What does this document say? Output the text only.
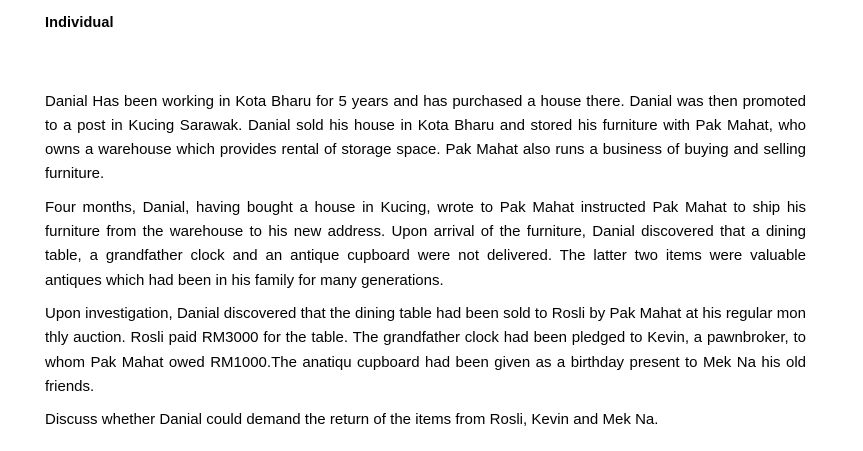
Individual

Danial Has been working in Kota Bharu for 5 years and has purchased a house there. Danial was then promoted to a post in Kucing Sarawak. Danial sold his house in Kota Bharu and stored his furniture with Pak Mahat, who owns a warehouse which provides rental of storage space. Pak Mahat also runs a business of buying and selling furniture.

Four months, Danial, having bought a house in Kucing, wrote to Pak Mahat instructed Pak Mahat to ship his furniture from the warehouse to his new address. Upon arrival of the furniture, Danial discovered that a dining table, a grandfather clock and an antique cupboard were not delivered. The latter two items were valuable antiques which had been in his family for many generations.

Upon investigation, Danial discovered that the dining table had been sold to Rosli by Pak Mahat at his regular mon thly auction. Rosli paid RM3000 for the table. The grandfather clock had been pledged to Kevin, a pawnbroker, to whom Pak Mahat owed RM1000.The anatiqu cupboard had been given as a birthday present to Mek Na his old friends.

Discuss whether Danial could demand the return of the items from Rosli, Kevin and Mek Na.
